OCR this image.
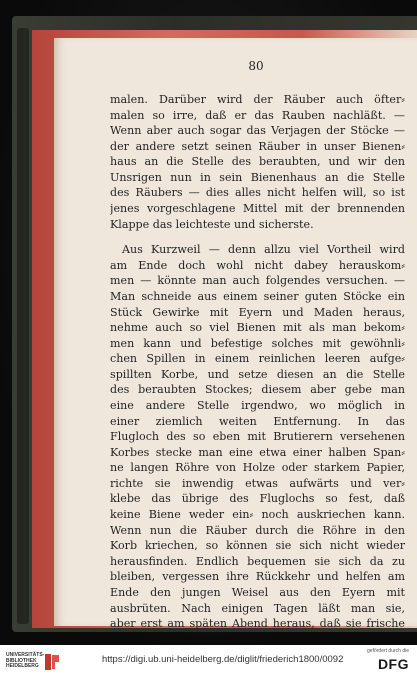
80
malen. Darüber wird der Räuber auch öfter⸗
malen so irre, daß er das Rauben nachläßt. —
Wenn aber auch sogar das Verjagen der Stöcke —
der andere setzt seinen Räuber in unser Bienen⸗
haus an die Stelle des beraubten, und wir den
Unsrigen nun in sein Bienenhaus an die Stelle
des Räubers — dies alles nicht helfen will, so ist
jenes vorgeschlagene Mittel mit der brennenden
Klappe das leichteste und sicherste.
Aus Kurzweil — denn allzu viel Vortheil wird
am Ende doch wohl nicht dabey herauskom⸗
men — könnte man auch folgendes versuchen. —
Man schneide aus einem seiner guten Stöcke ein
Stück Gewirke mit Eyern und Maden heraus,
nehme auch so viel Bienen mit als man bekom⸗
men kann und befestige solches mit gewöhnli⸗
chen Spillen in einem reinlichen leeren aufge⸗
spillten Korbe, und setze diesen an die Stelle
des beraubten Stockes; diesem aber gebe man
eine andere Stelle irgendwo, wo möglich in
einer ziemlich weiten Entfernung. In das
Flugloch des so eben mit Brutierern versehenen
Korbes stecke man eine etwa einer halben Span⸗
ne langen Röhre von Holze oder starkem Papier,
richte sie inwendig etwas aufwärts und ver⸗
klebe das übrige des Fluglochs so fest, daß
keine Biene weder ein⸗ noch auskriechen kann.
Wenn nun die Räuber durch die Röhre in den
Korb kriechen, so können sie sich nicht wieder
herausfinden. Endlich bequemen sie sich da zu
bleiben, vergessen ihre Rückkehr und helfen am
Ende den jungen Weisel aus den Eyern mit
ausbrüten. Nach einigen Tagen läßt man sie,
aber erst am späten Abend heraus, daß sie frische
UNIVERSITÄTS-
BIBLIOTHEK
HEIDELBERG
https://digi.ub.uni-heidelberg.de/diglit/friederich1800/0092
gefördert durch die
DFG
